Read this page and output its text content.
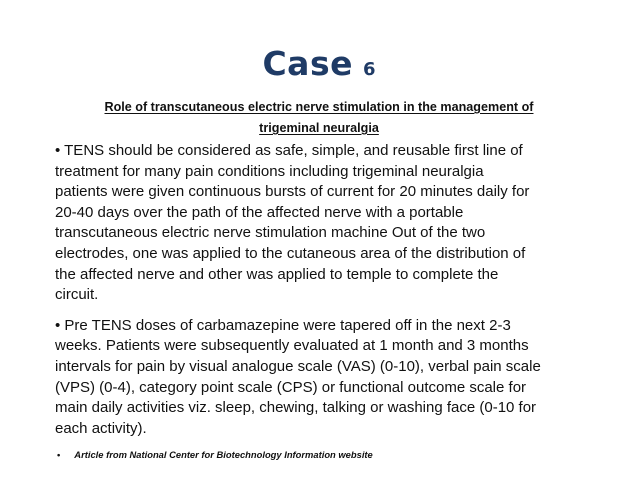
Case 6
Role of transcutaneous electric nerve stimulation in the management of
trigeminal neuralgia
• TENS should be considered as safe, simple, and reusable first line of
treatment for many pain conditions including trigeminal neuralgia
patients were given continuous bursts of current for 20 minutes daily for
20-40 days over the path of the affected nerve with a portable
transcutaneous electric nerve stimulation machine Out of the two
electrodes, one was applied to the cutaneous area of the distribution of
the affected nerve and other was applied to temple to complete the
circuit.
• Pre TENS doses of carbamazepine were tapered off in the next 2-3
weeks. Patients were subsequently evaluated at 1 month and 3 months
intervals for pain by visual analogue scale (VAS) (0-10), verbal pain scale
(VPS) (0-4), category point scale (CPS) or functional outcome scale for
main daily activities viz. sleep, chewing, talking or washing face (0-10 for
each activity).
• Article from National Center for Biotechnology Information website
